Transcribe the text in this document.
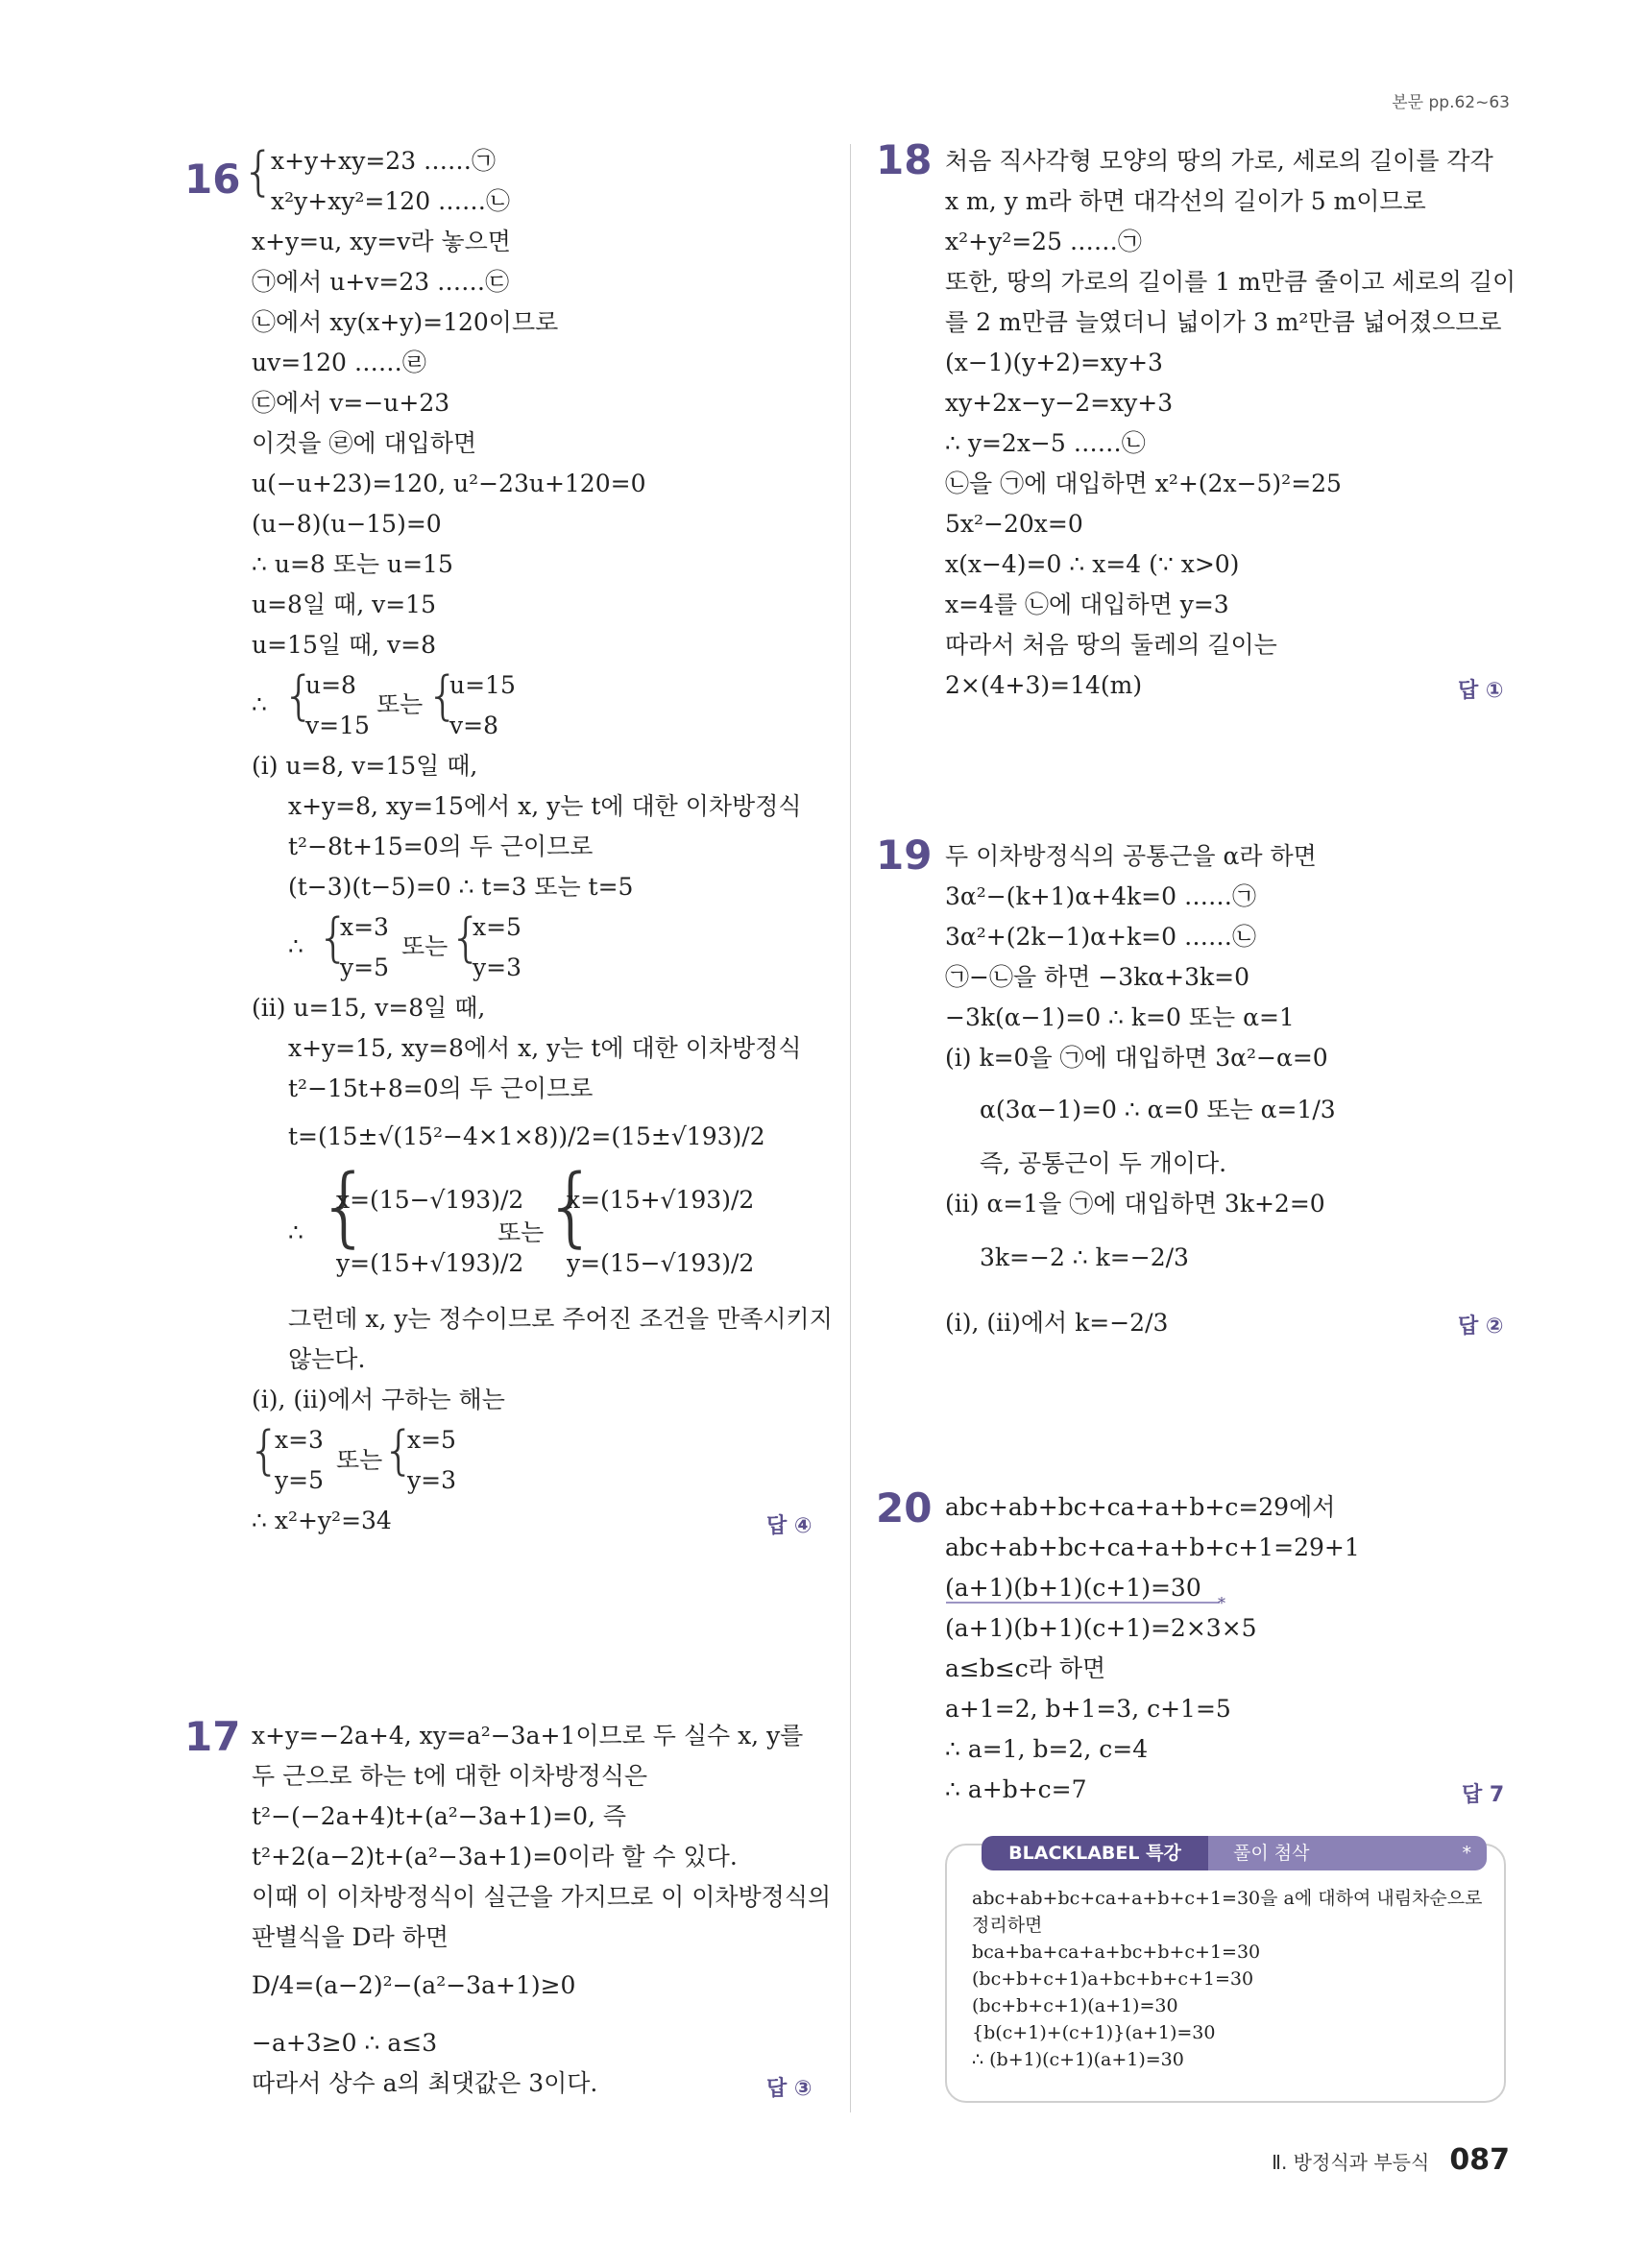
본문 pp.62~63
16 {
x+y+xy=23 ……㉠
x²y+xy²=120 ……㉡
x+y=u, xy=v라 놓으면
㉠에서 u+v=23 ……㉢
㉡에서 xy(x+y)=120이므로
uv=120 ……㉣
㉢에서 v=−u+23
이것을 ㉣에 대입하면
u(−u+23)=120, u²−23u+120=0
(u−8)(u−15)=0
∴ u=8 또는 u=15
u=8일 때, v=15
u=15일 때, v=8
∴ {
u=8
v=15
또는 {
u=15
v=8
(ⅰ) u=8, v=15일 때,
x+y=8, xy=15에서 x, y는 t에 대한 이차방정식
t²−8t+15=0의 두 근이므로
(t−3)(t−5)=0 ∴ t=3 또는 t=5
∴ {
x=3
y=5
또는 {
x=5
y=3
(ⅱ) u=15, v=8일 때,
x+y=15, xy=8에서 x, y는 t에 대한 이차방정식
t²−15t+8=0의 두 근이므로
t=(15±√(15²−4×1×8))/2=(15±√193)/2
∴ {
x=(15−√193)/2
y=(15+√193)/2
또는 {
x=(15+√193)/2
y=(15−√193)/2
그런데 x, y는 정수이므로 주어진 조건을 만족시키지
않는다.
(ⅰ), (ⅱ)에서 구하는 해는
{
x=3
y=5
또는 {
x=5
y=3
∴ x²+y²=34	답 ④
17 x+y=−2a+4, xy=a²−3a+1이므로 두 실수 x, y를
두 근으로 하는 t에 대한 이차방정식은
t²−(−2a+4)t+(a²−3a+1)=0, 즉
t²+2(a−2)t+(a²−3a+1)=0이라 할 수 있다.
이때 이 이차방정식이 실근을 가지므로 이 이차방정식의
판별식을 D라 하면
D/4=(a−2)²−(a²−3a+1)≥0
−a+3≥0 ∴ a≤3
따라서 상수 a의 최댓값은 3이다.	답 ③
18 처음 직사각형 모양의 땅의 가로, 세로의 길이를 각각
x m, y m라 하면 대각선의 길이가 5 m이므로
x²+y²=25 ……㉠
또한, 땅의 가로의 길이를 1 m만큼 줄이고 세로의 길이
를 2 m만큼 늘였더니 넓이가 3 m²만큼 넓어졌으므로
(x−1)(y+2)=xy+3
xy+2x−y−2=xy+3
∴ y=2x−5 ……㉡
㉡을 ㉠에 대입하면 x²+(2x−5)²=25
5x²−20x=0
x(x−4)=0 ∴ x=4 (∵ x>0)
x=4를 ㉡에 대입하면 y=3
따라서 처음 땅의 둘레의 길이는
2×(4+3)=14(m)	답 ①
19 두 이차방정식의 공통근을 α라 하면
3α²−(k+1)α+4k=0 ……㉠
3α²+(2k−1)α+k=0 ……㉡
㉠−㉡을 하면 −3kα+3k=0
−3k(α−1)=0 ∴ k=0 또는 α=1
(ⅰ) k=0을 ㉠에 대입하면 3α²−α=0
α(3α−1)=0 ∴ α=0 또는 α=1/3
즉, 공통근이 두 개이다.
(ⅱ) α=1을 ㉠에 대입하면 3k+2=0
3k=−2 ∴ k=−2/3
(ⅰ), (ⅱ)에서 k=−2/3	답 ②
20 abc+ab+bc+ca+a+b+c=29에서
abc+ab+bc+ca+a+b+c+1=29+1
(a+1)(b+1)(c+1)=30
*
(a+1)(b+1)(c+1)=2×3×5
a≤b≤c라 하면
a+1=2, b+1=3, c+1=5
∴ a=1, b=2, c=4
∴ a+b+c=7	답 7
BLACKLABEL 특강	풀이 첨삭	*
abc+ab+bc+ca+a+b+c+1=30을 a에 대하여 내림차순으로
정리하면
bca+ba+ca+a+bc+b+c+1=30
(bc+b+c+1)a+bc+b+c+1=30
(bc+b+c+1)(a+1)=30
{b(c+1)+(c+1)}(a+1)=30
∴ (b+1)(c+1)(a+1)=30
Ⅱ. 방정식과 부등식 087
